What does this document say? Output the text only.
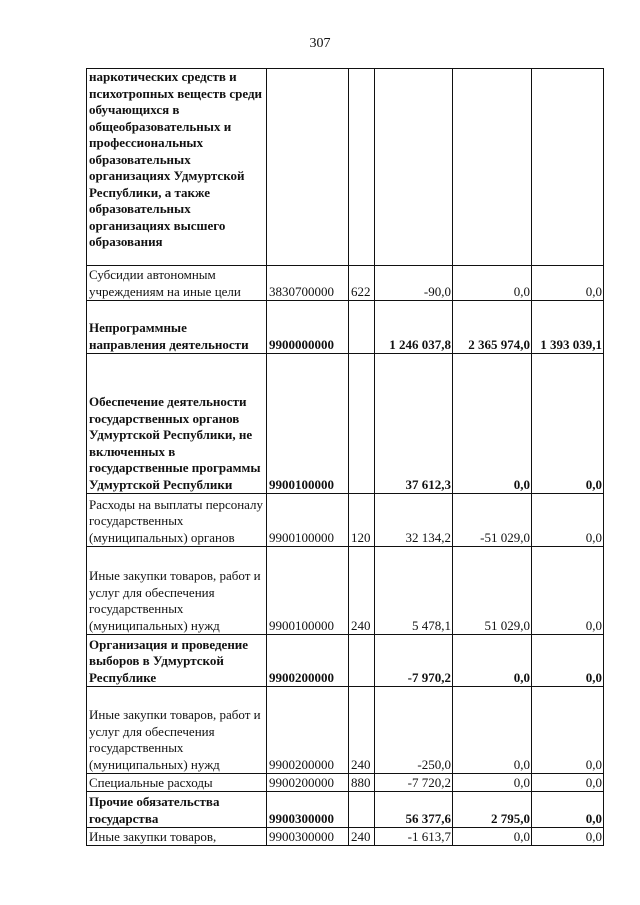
307
наркотических средств и психотропных веществ среди обучающихся в общеобразовательных и профессиональных образовательных организациях Удмуртской Республики, а также образовательных организациях высшего образования					
Субсидии автономным учреждениям на иные цели	3830700000	622	-90,0	0,0	0,0
Непрограммные направления деятельности	9900000000		1 246 037,8	2 365 974,0	1 393 039,1
Обеспечение деятельности государственных органов Удмуртской Республики, не включенных в государственные программы Удмуртской Республики	9900100000		37 612,3	0,0	0,0
Расходы на выплаты персоналу государственных (муниципальных) органов	9900100000	120	32 134,2	-51 029,0	0,0
Иные закупки товаров, работ и услуг для обеспечения государственных (муниципальных) нужд	9900100000	240	5 478,1	51 029,0	0,0
Организация и проведение выборов в Удмуртской Республике	9900200000		-7 970,2	0,0	0,0
Иные закупки товаров, работ и услуг для обеспечения государственных (муниципальных) нужд	9900200000	240	-250,0	0,0	0,0
Специальные расходы	9900200000	880	-7 720,2	0,0	0,0
Прочие обязательства государства	9900300000		56 377,6	2 795,0	0,0
Иные закупки товаров,	9900300000	240	-1 613,7	0,0	0,0
